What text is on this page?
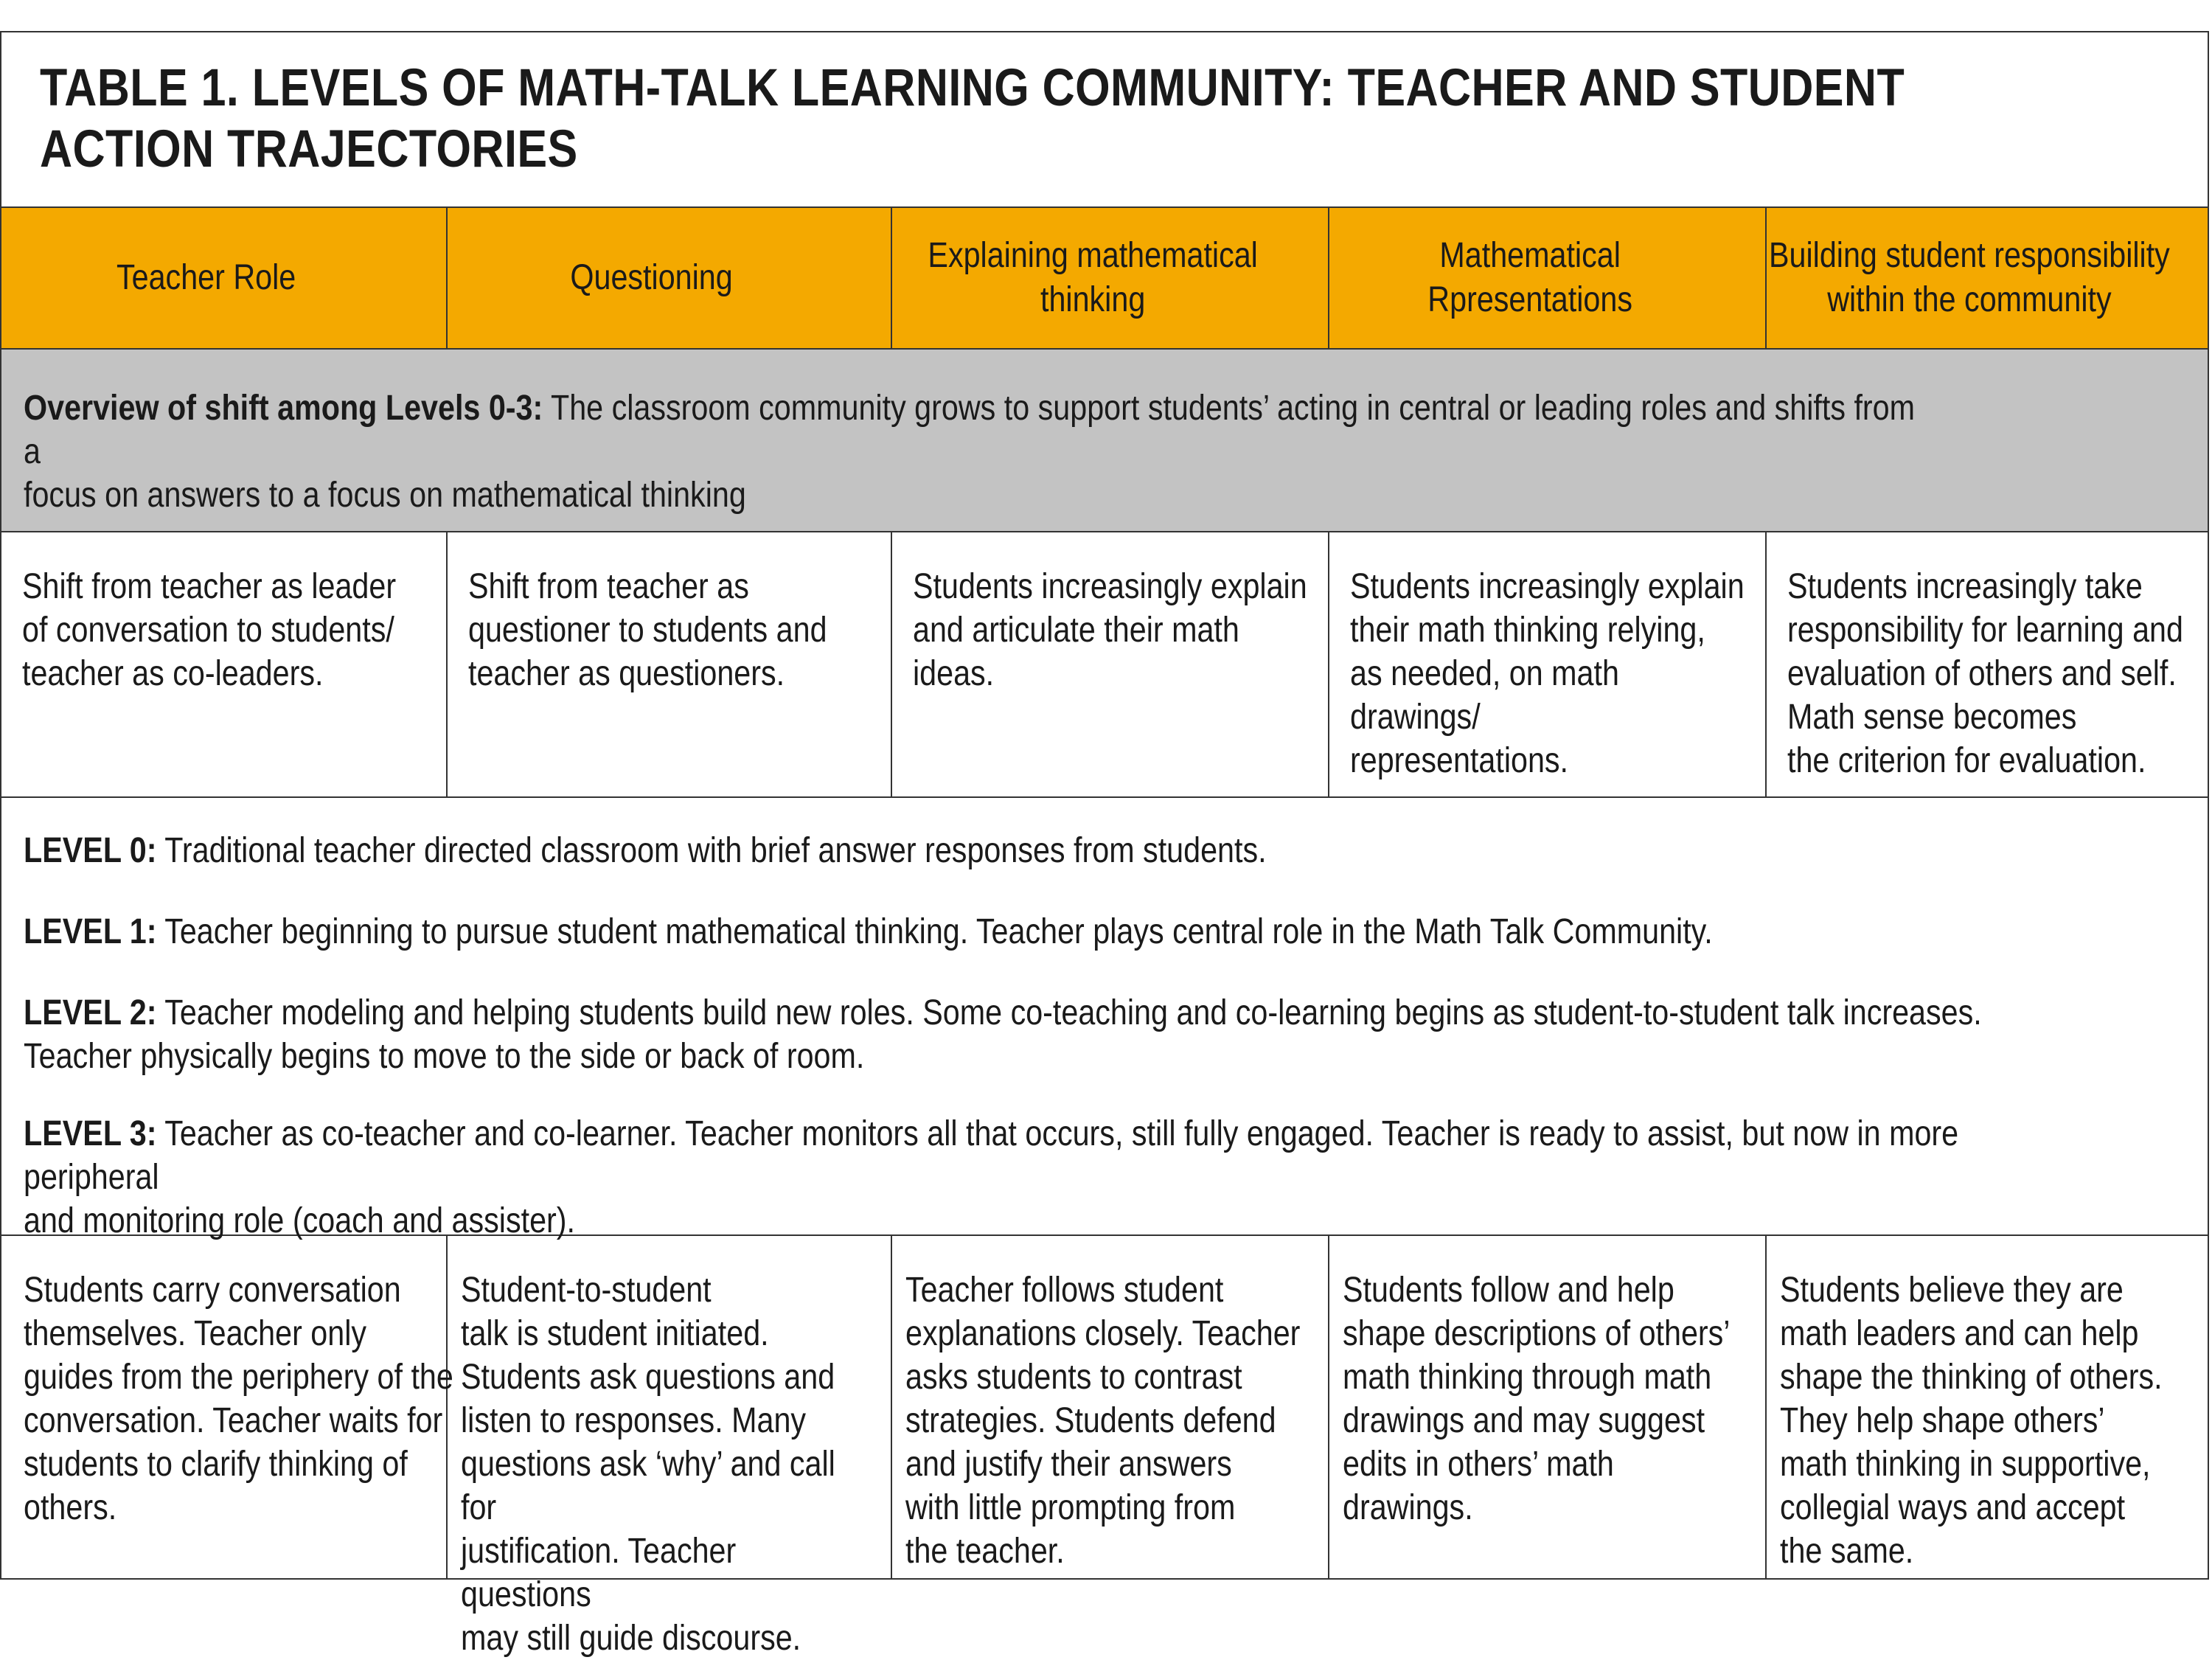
TABLE 1. LEVELS OF MATH-TALK LEARNING COMMUNITY: TEACHER AND STUDENT
ACTION TRAJECTORIES
Teacher Role	Questioning
Explaining mathematical
thinking
Mathematical
Rpresentations
Building student responsibility
within the community
Overview of shift among Levels 0-3: The classroom community grows to support students’ acting in central or leading roles and shifts from a
focus on answers to a focus on mathematical thinking
Shift from teacher as leader
of conversation to students/
teacher as co-leaders.
Shift from teacher as
questioner to students and
teacher as questioners.
Students increasingly explain
and articulate their math
ideas.
Students increasingly explain
their math thinking relying,
as needed, on math drawings/
representations.
Students increasingly take
responsibility for learning and
evaluation of others and self.
Math sense becomes
the criterion for evaluation.
LEVEL 0: Traditional teacher directed classroom with brief answer responses from students.
LEVEL 1: Teacher beginning to pursue student mathematical thinking. Teacher plays central role in the Math Talk Community.
LEVEL 2: Teacher modeling and helping students build new roles. Some co-teaching and co-learning begins as student-to-student talk increases.
Teacher physically begins to move to the side or back of room.
LEVEL 3: Teacher as co-teacher and co-learner. Teacher monitors all that occurs, still fully engaged. Teacher is ready to assist, but now in more peripheral
and monitoring role (coach and assister).
Students carry conversation
themselves. Teacher only
guides from the periphery of the
conversation. Teacher waits for
students to clarify thinking of
others.
Student-to-student
talk is student initiated.
Students ask questions and
listen to responses. Many
questions ask ‘why’ and call for
justification. Teacher questions
may still guide discourse.
Teacher follows student
explanations closely. Teacher
asks students to contrast
strategies. Students defend
and justify their answers
with little prompting from
the teacher.
Students follow and help
shape descriptions of others’
math thinking through math
drawings and may suggest
edits in others’ math drawings.
Students believe they are
math leaders and can help
shape the thinking of others.
They help shape others’
math thinking in supportive,
collegial ways and accept
the same.
